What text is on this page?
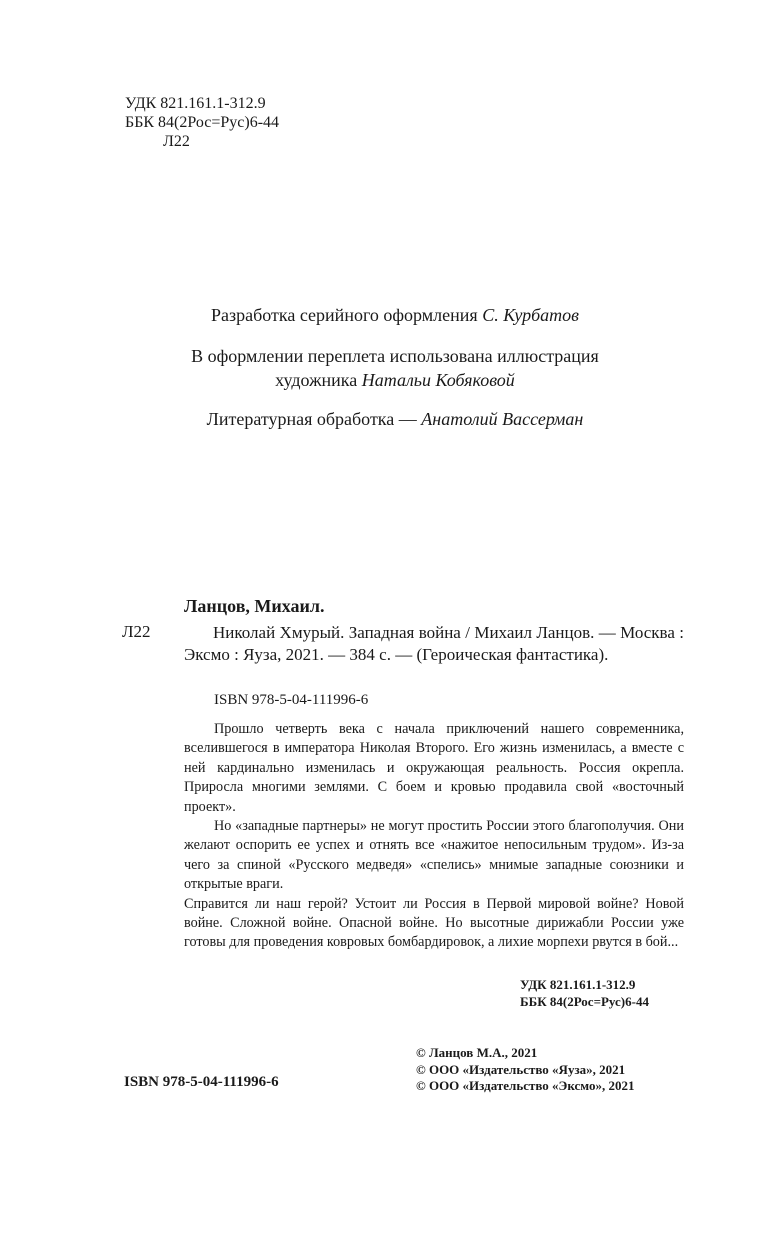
УДК 821.161.1-312.9
ББК 84(2Рос=Рус)6-44
Л22
Разработка серийного оформления С. Курбатов
В оформлении переплета использована иллюстрация
художника Натальи Кобяковой
Литературная обработка — Анатолий Вассерман
Ланцов, Михаил.
Л22	Николай Хмурый. Западная война / Михаил Ланцов. — Москва : Эксмо : Яуза, 2021. — 384 с. — (Героическая фантастика).
ISBN 978-5-04-111996-6

Прошло четверть века с начала приключений нашего современника, вселившегося в императора Николая Второго. Его жизнь изменилась, а вместе с ней кардинально изменилась и окружающая реальность. Россия окрепла. Приросла многими землями. С боем и кровью продавила свой «восточный проект».

Но «западные партнеры» не могут простить России этого благополучия. Они желают оспорить ее успех и отнять все «нажитое непосильным трудом». Из-за чего за спиной «Русского медведя» «спелись» мнимые западные союзники и открытые враги.

Справится ли наш герой? Устоит ли Россия в Первой мировой войне? Новой войне. Сложной войне. Опасной войне. Но высотные дирижабли России уже готовы для проведения ковровых бомбардировок, а лихие морпехи рвутся в бой...

УДК 821.161.1-312.9
ББК 84(2Рос=Рус)6-44
© Ланцов М.А., 2021
© ООО «Издательство «Яуза», 2021
© ООО «Издательство «Эксмо», 2021
ISBN 978-5-04-111996-6
